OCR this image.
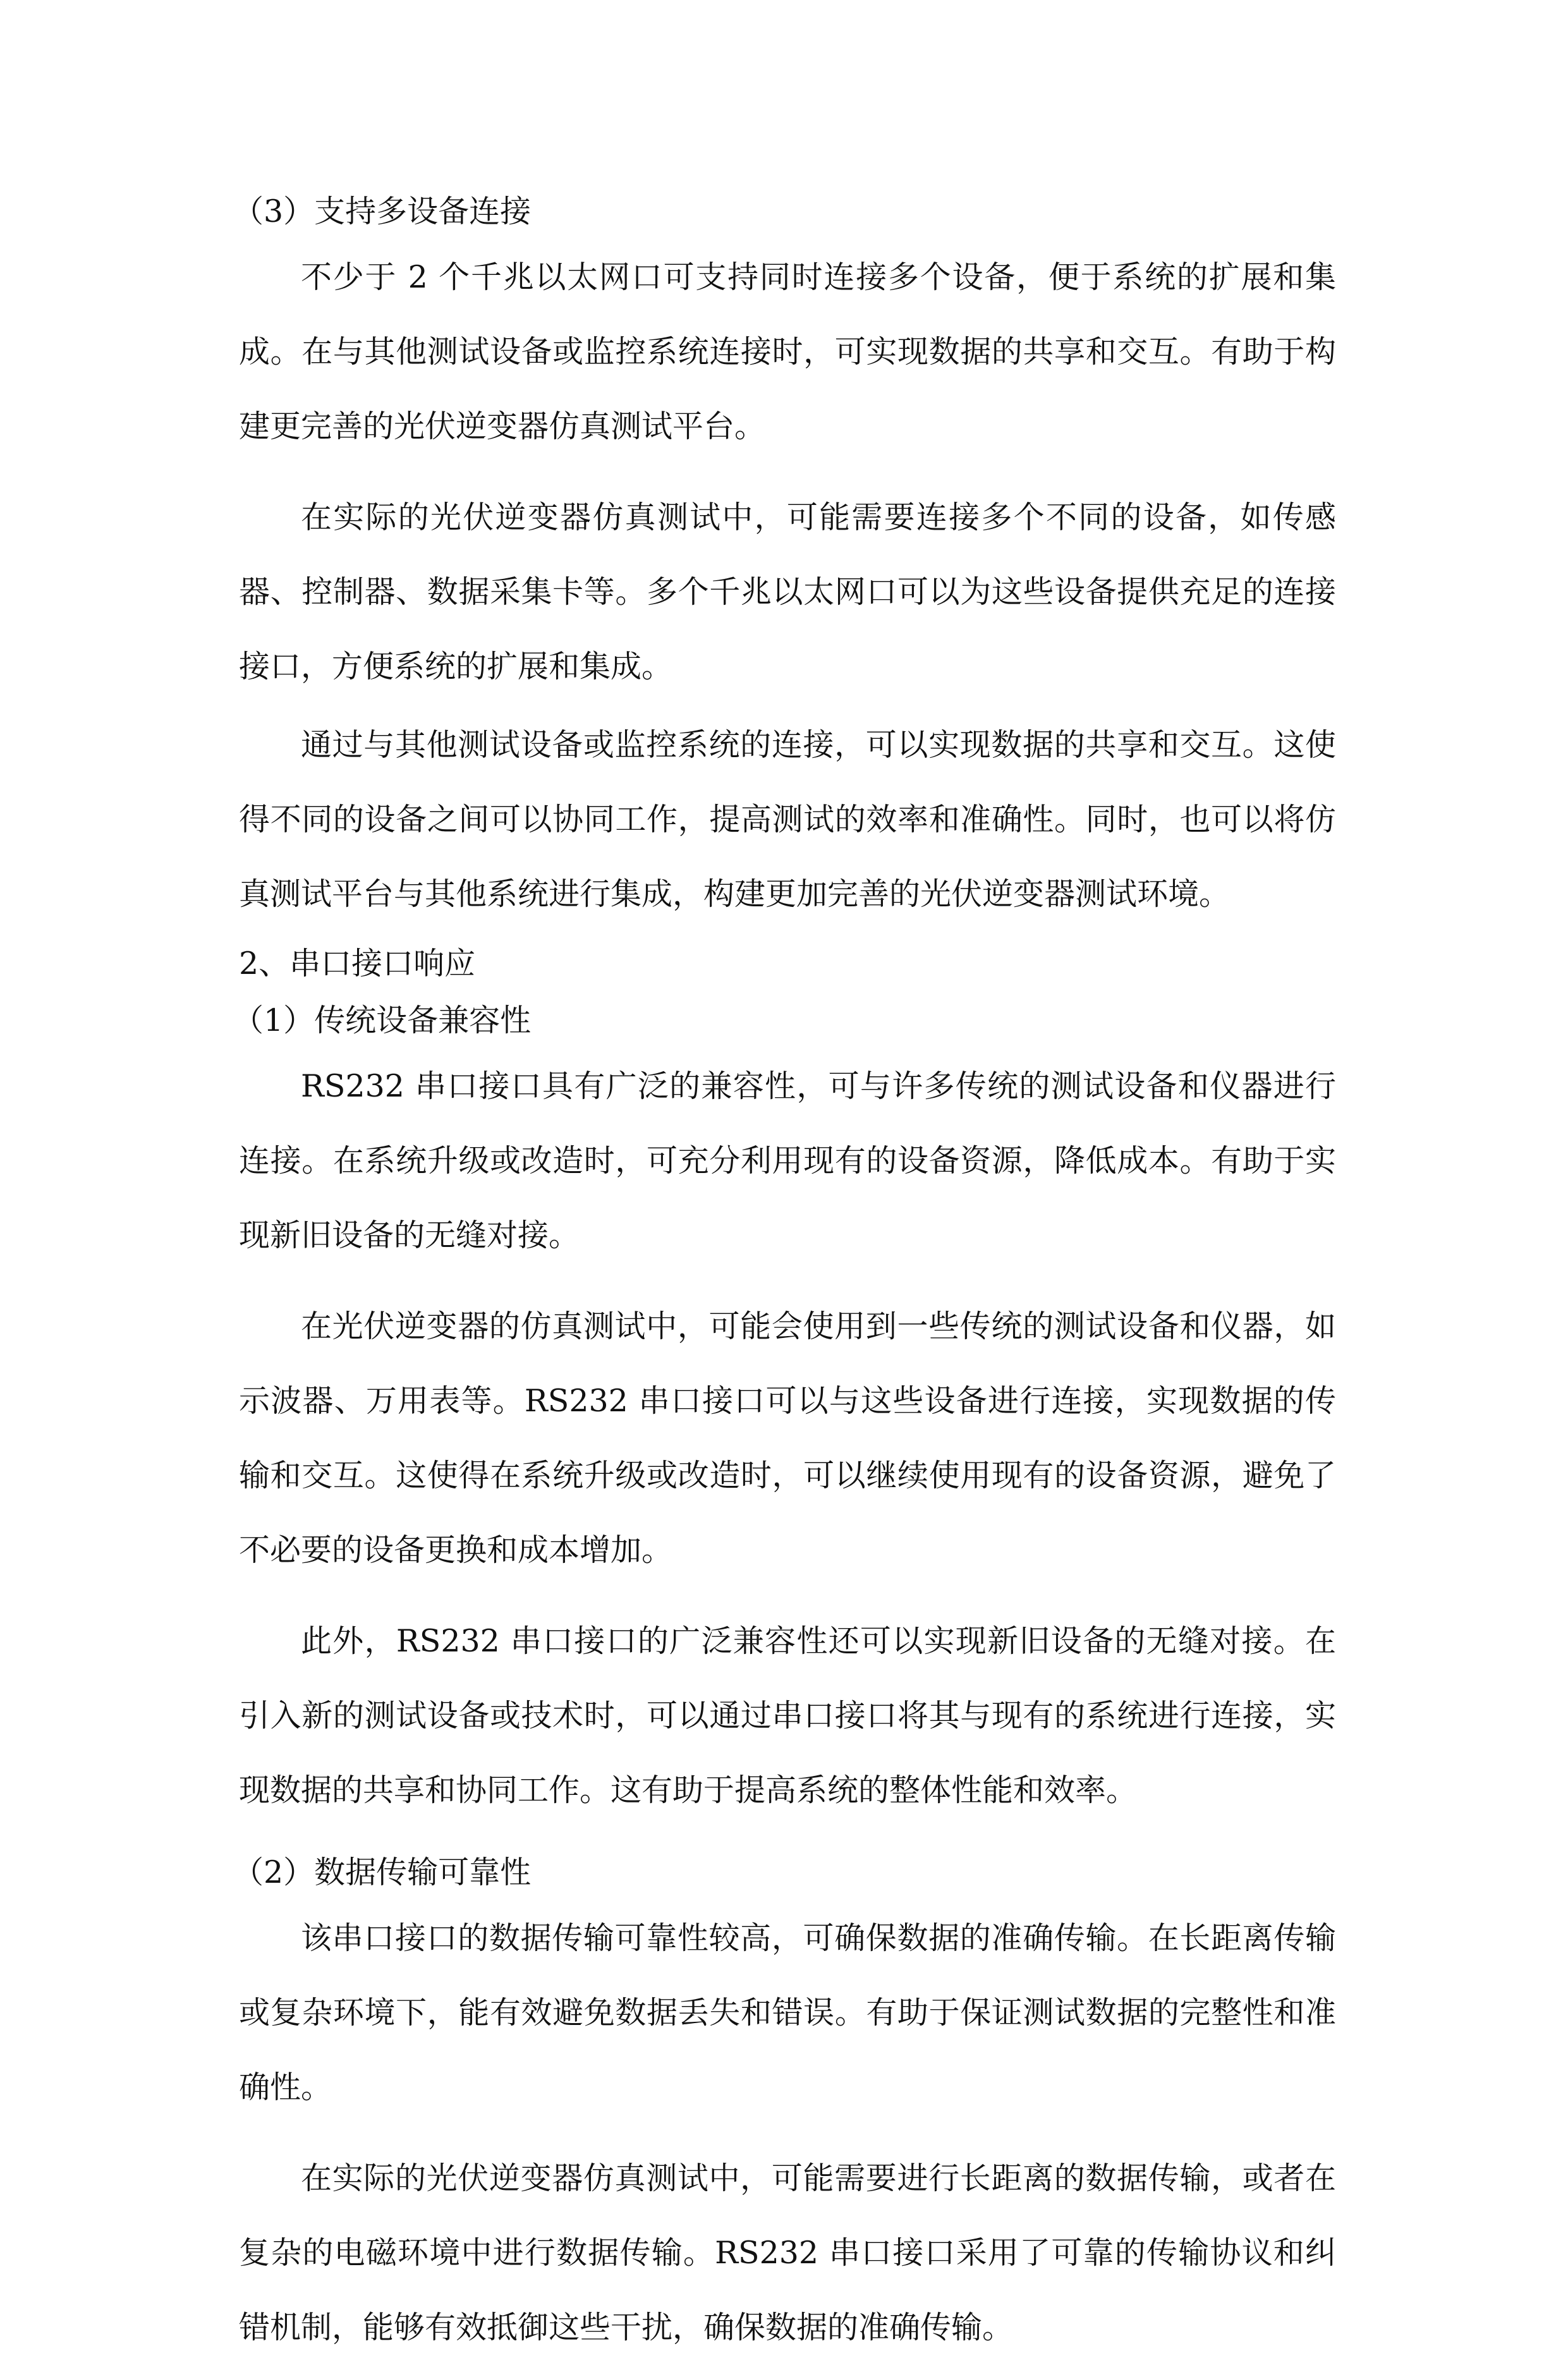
（3）支持多设备连接

不少于 2 个千兆以太网口可支持同时连接多个设备，便于系统的扩展和集成。在与其他测试设备或监控系统连接时，可实现数据的共享和交互。有助于构建更完善的光伏逆变器仿真测试平台。

在实际的光伏逆变器仿真测试中，可能需要连接多个不同的设备，如传感器、控制器、数据采集卡等。多个千兆以太网口可以为这些设备提供充足的连接接口，方便系统的扩展和集成。

通过与其他测试设备或监控系统的连接，可以实现数据的共享和交互。这使得不同的设备之间可以协同工作，提高测试的效率和准确性。同时，也可以将仿真测试平台与其他系统进行集成，构建更加完善的光伏逆变器测试环境。

2、串口接口响应

（1）传统设备兼容性

RS232 串口接口具有广泛的兼容性，可与许多传统的测试设备和仪器进行连接。在系统升级或改造时，可充分利用现有的设备资源，降低成本。有助于实现新旧设备的无缝对接。

在光伏逆变器的仿真测试中，可能会使用到一些传统的测试设备和仪器，如示波器、万用表等。RS232 串口接口可以与这些设备进行连接，实现数据的传输和交互。这使得在系统升级或改造时，可以继续使用现有的设备资源，避免了不必要的设备更换和成本增加。

此外，RS232 串口接口的广泛兼容性还可以实现新旧设备的无缝对接。在引入新的测试设备或技术时，可以通过串口接口将其与现有的系统进行连接，实现数据的共享和协同工作。这有助于提高系统的整体性能和效率。

（2）数据传输可靠性

该串口接口的数据传输可靠性较高，可确保数据的准确传输。在长距离传输或复杂环境下，能有效避免数据丢失和错误。有助于保证测试数据的完整性和准确性。

在实际的光伏逆变器仿真测试中，可能需要进行长距离的数据传输，或者在复杂的电磁环境中进行数据传输。RS232 串口接口采用了可靠的传输协议和纠错机制，能够有效抵御这些干扰，确保数据的准确传输。
